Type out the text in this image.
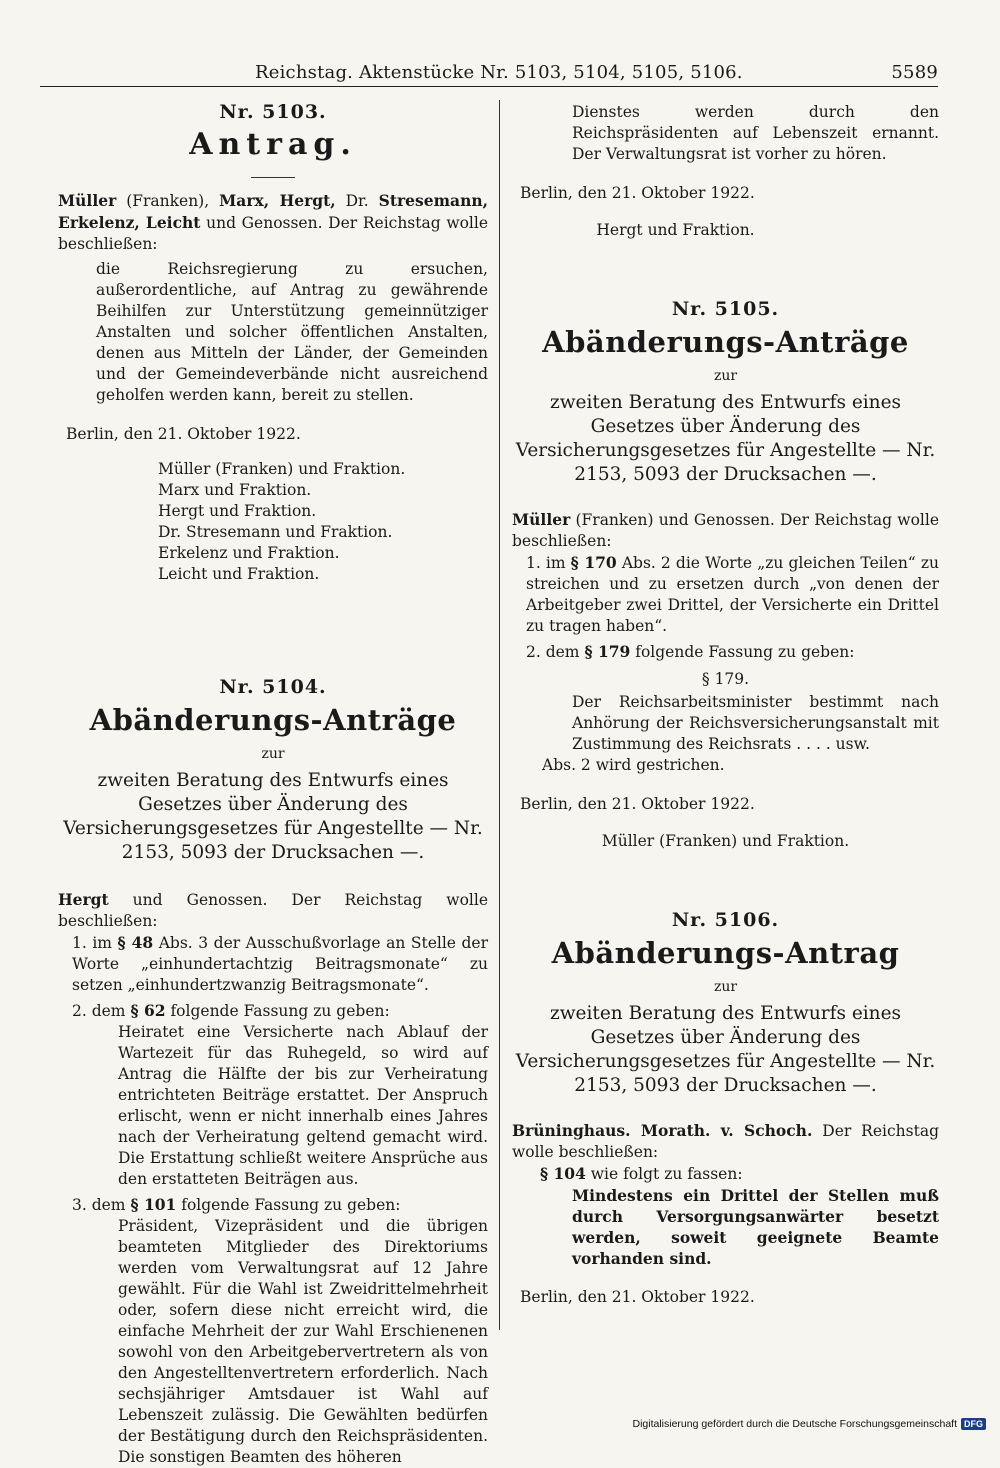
Reichstag. Aktenstücke Nr. 5103, 5104, 5105, 5106.	5589

Nr. 5103.

Antrag.

Müller (Franken), Marx, Hergt, Dr. Stresemann, Erkelenz, Leicht und Genossen. Der Reichstag wolle beschließen:

die Reichsregierung zu ersuchen, außerordentliche, auf Antrag zu gewährende Beihilfen zur Unterstützung gemeinnütziger Anstalten und solcher öffentlichen Anstalten, denen aus Mitteln der Länder, der Gemeinden und der Gemeindeverbände nicht ausreichend geholfen werden kann, bereit zu stellen.

Berlin, den 21. Oktober 1922.

Müller (Franken) und Fraktion.
Marx und Fraktion.
Hergt und Fraktion.
Dr. Stresemann und Fraktion.
Erkelenz und Fraktion.
Leicht und Fraktion.

Nr. 5104.

Abänderungs-Anträge

zur

zweiten Beratung des Entwurfs eines Gesetzes über Änderung des Versicherungsgesetzes für Angestellte — Nr. 2153, 5093 der Drucksachen —.

Hergt und Genossen. Der Reichstag wolle beschließen:

1. im § 48 Abs. 3 der Ausschußvorlage an Stelle der Worte „einhundertachtzig Beitragsmonate“ zu setzen „einhundertzwanzig Beitragsmonate“.

2. dem § 62 folgende Fassung zu geben:

Heiratet eine Versicherte nach Ablauf der Wartezeit für das Ruhegeld, so wird auf Antrag die Hälfte der bis zur Verheiratung entrichteten Beiträge erstattet. Der Anspruch erlischt, wenn er nicht innerhalb eines Jahres nach der Verheiratung geltend gemacht wird. Die Erstattung schließt weitere Ansprüche aus den erstatteten Beiträgen aus.

3. dem § 101 folgende Fassung zu geben:

Präsident, Vizepräsident und die übrigen beamteten Mitglieder des Direktoriums werden vom Verwaltungsrat auf 12 Jahre gewählt. Für die Wahl ist Zweidrittelmehrheit oder, sofern diese nicht erreicht wird, die einfache Mehrheit der zur Wahl Erschienenen sowohl von den Arbeitgebervertretern als von den Angestelltenvertretern erforderlich. Nach sechsjähriger Amtsdauer ist Wahl auf Lebenszeit zulässig. Die Gewählten bedürfen der Bestätigung durch den Reichspräsidenten. Die sonstigen Beamten des höheren

Dienstes werden durch den Reichspräsidenten auf Lebenszeit ernannt. Der Verwaltungsrat ist vorher zu hören.

Berlin, den 21. Oktober 1922.

Hergt und Fraktion.

Nr. 5105.

Abänderungs-Anträge

zur

zweiten Beratung des Entwurfs eines Gesetzes über Änderung des Versicherungsgesetzes für Angestellte — Nr. 2153, 5093 der Drucksachen —.

Müller (Franken) und Genossen. Der Reichstag wolle beschließen:

1. im § 170 Abs. 2 die Worte „zu gleichen Teilen“ zu streichen und zu ersetzen durch „von denen der Arbeitgeber zwei Drittel, der Versicherte ein Drittel zu tragen haben“.

2. dem § 179 folgende Fassung zu geben:

§ 179.

Der Reichsarbeitsminister bestimmt nach Anhörung der Reichsversicherungsanstalt mit Zustimmung des Reichsrats . . . . usw.

Abs. 2 wird gestrichen.

Berlin, den 21. Oktober 1922.

Müller (Franken) und Fraktion.

Nr. 5106.

Abänderungs-Antrag

zur

zweiten Beratung des Entwurfs eines Gesetzes über Änderung des Versicherungsgesetzes für Angestellte — Nr. 2153, 5093 der Drucksachen —.

Brüninghaus. Morath. v. Schoch. Der Reichstag wolle beschließen:

§ 104 wie folgt zu fassen:

Mindestens ein Drittel der Stellen muß durch Versorgungsanwärter besetzt werden, soweit geeignete Beamte vorhanden sind.

Berlin, den 21. Oktober 1922.

Digitalisierung gefördert durch die Deutsche Forschungsgemeinschaft DFG
